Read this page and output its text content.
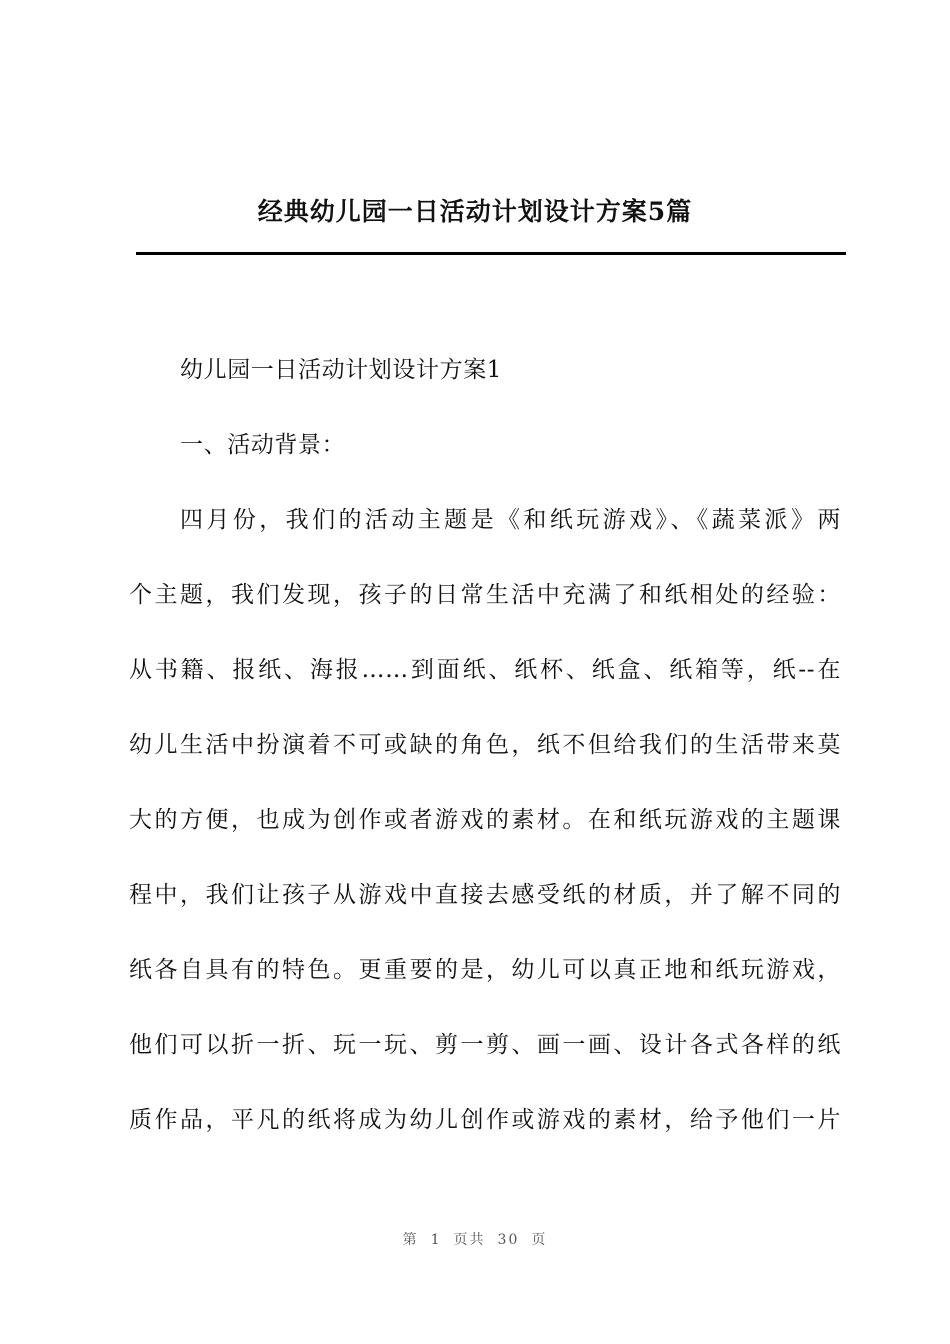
经典幼儿园一日活动计划设计方案5篇
幼儿园一日活动计划设计方案1
一、活动背景：
四月份，我们的活动主题是《和纸玩游戏》、《蔬菜派》两
个主题，我们发现，孩子的日常生活中充满了和纸相处的经验：
从书籍、报纸、海报……到面纸、纸杯、纸盒、纸箱等，纸--在
幼儿生活中扮演着不可或缺的角色，纸不但给我们的生活带来莫
大的方便，也成为创作或者游戏的素材。在和纸玩游戏的主题课
程中，我们让孩子从游戏中直接去感受纸的材质，并了解不同的
纸各自具有的特色。更重要的是，幼儿可以真正地和纸玩游戏，
他们可以折一折、玩一玩、剪一剪、画一画、设计各式各样的纸
质作品，平凡的纸将成为幼儿创作或游戏的素材，给予他们一片
第 1 页共 30 页
